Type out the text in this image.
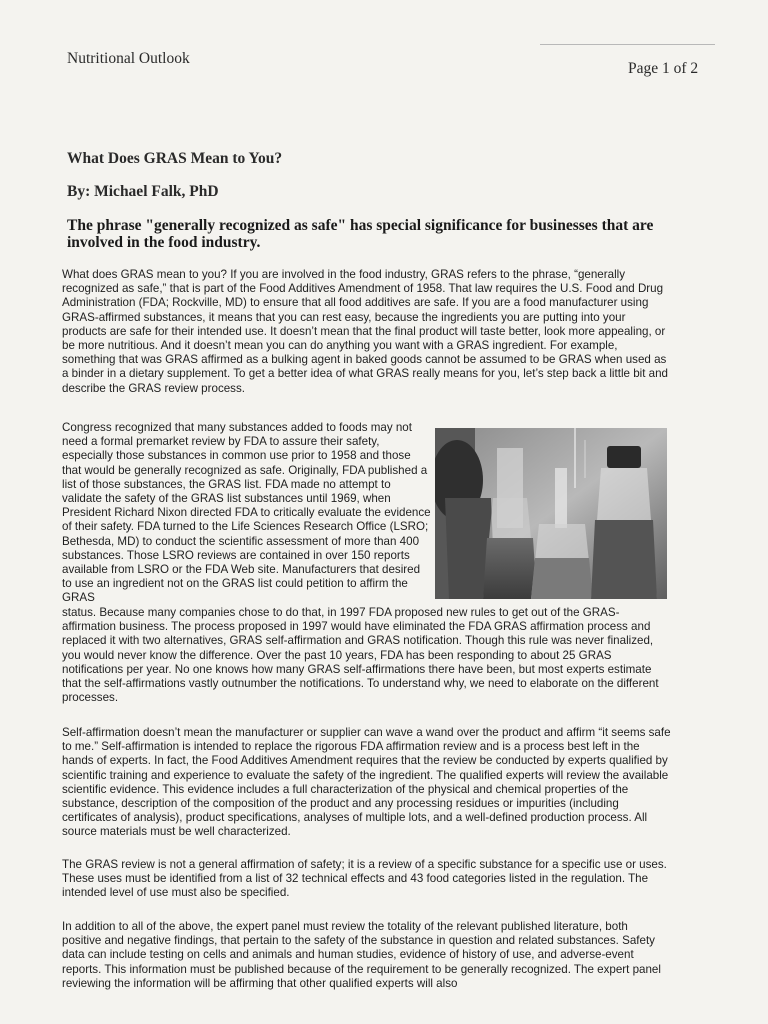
Nutritional Outlook
Page 1 of 2
What Does GRAS Mean to You?
By: Michael Falk, PhD
The phrase "generally recognized as safe" has special significance for businesses that are involved in the food industry.

What does GRAS mean to you? If you are involved in the food industry, GRAS refers to the phrase, “generally recognized as safe,” that is part of the Food Additives Amendment of 1958. That law requires the U.S. Food and Drug Administration (FDA; Rockville, MD) to ensure that all food additives are safe. If you are a food manufacturer using GRAS-affirmed substances, it means that you can rest easy, because the ingredients you are putting into your products are safe for their intended use. It doesn’t mean that the final product will taste better, look more appealing, or be more nutritious. And it doesn’t mean you can do anything you want with a GRAS ingredient. For example, something that was GRAS affirmed as a bulking agent in baked goods cannot be assumed to be GRAS when used as a binder in a dietary supplement. To get a better idea of what GRAS really means for you, let’s step back a little bit and describe the GRAS review process.

Congress recognized that many substances added to foods may not need a formal premarket review by FDA to assure their safety, especially those substances in common use prior to 1958 and those that would be generally recognized as safe. Originally, FDA published a list of those substances, the GRAS list. FDA made no attempt to validate the safety of the GRAS list substances until 1969, when President Richard Nixon directed FDA to critically evaluate the evidence of their safety. FDA turned to the Life Sciences Research Office (LSRO; Bethesda, MD) to conduct the scientific assessment of more than 400 substances. Those LSRO reviews are contained in over 150 reports available from LSRO or the FDA Web site. Manufacturers that desired to use an ingredient not on the GRAS list could petition to affirm the GRAS

status. Because many companies chose to do that, in 1997 FDA proposed new rules to get out of the GRAS-affirmation business. The process proposed in 1997 would have eliminated the FDA GRAS affirmation process and replaced it with two alternatives, GRAS self-affirmation and GRAS notification. Though this rule was never finalized, you would never know the difference. Over the past 10 years, FDA has been responding to about 25 GRAS notifications per year. No one knows how many GRAS self-affirmations there have been, but most experts estimate that the self-affirmations vastly outnumber the notifications. To understand why, we need to elaborate on the different processes.

Self-affirmation doesn’t mean the manufacturer or supplier can wave a wand over the product and affirm “it seems safe to me.” Self-affirmation is intended to replace the rigorous FDA affirmation review and is a process best left in the hands of experts. In fact, the Food Additives Amendment requires that the review be conducted by experts qualified by scientific training and experience to evaluate the safety of the ingredient. The qualified experts will review the available scientific evidence. This evidence includes a full characterization of the physical and chemical properties of the substance, description of the composition of the product and any processing residues or impurities (including certificates of analysis), product specifications, analyses of multiple lots, and a well-defined production process. All source materials must be well characterized.

The GRAS review is not a general affirmation of safety; it is a review of a specific substance for a specific use or uses. These uses must be identified from a list of 32 technical effects and 43 food categories listed in the regulation. The intended level of use must also be specified.

In addition to all of the above, the expert panel must review the totality of the relevant published literature, both positive and negative findings, that pertain to the safety of the substance in question and related substances. Safety data can include testing on cells and animals and human studies, evidence of history of use, and adverse-event reports. This information must be published because of the requirement to be generally recognized. The expert panel reviewing the information will be affirming that other qualified experts will also
